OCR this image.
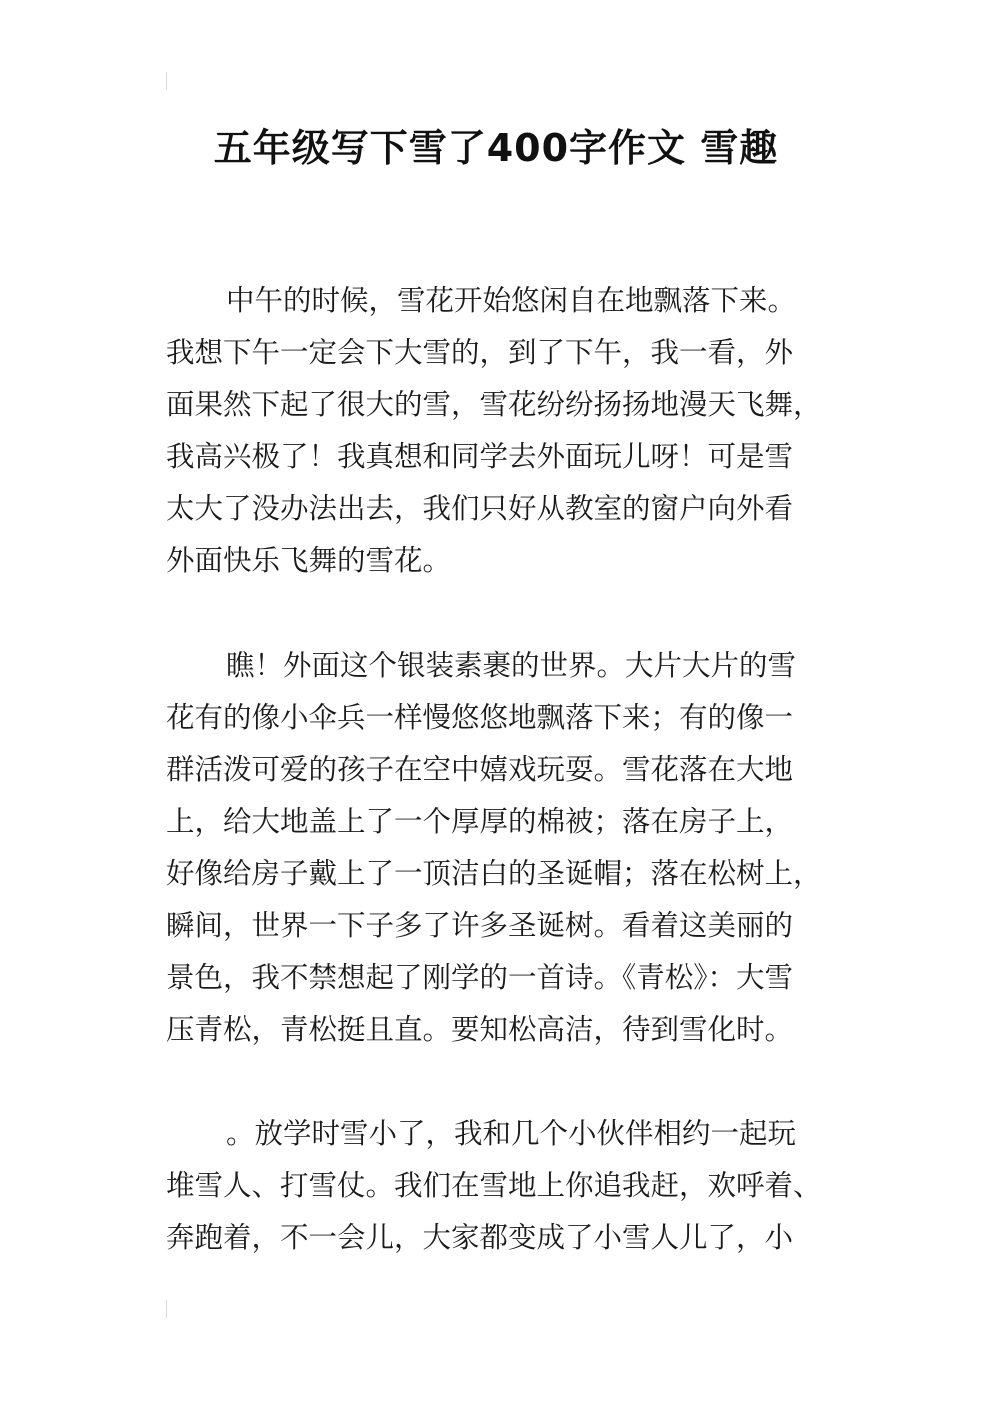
五年级写下雪了400字作文 雪趣
中午的时候，雪花开始悠闲自在地飘落下来。
我想下午一定会下大雪的，到了下午，我一看，外
面果然下起了很大的雪，雪花纷纷扬扬地漫天飞舞，
我高兴极了！我真想和同学去外面玩儿呀！可是雪
太大了没办法出去，我们只好从教室的窗户向外看
外面快乐飞舞的雪花。
瞧！外面这个银装素裹的世界。大片大片的雪
花有的像小伞兵一样慢悠悠地飘落下来；有的像一
群活泼可爱的孩子在空中嬉戏玩耍。雪花落在大地
上，给大地盖上了一个厚厚的棉被；落在房子上，
好像给房子戴上了一顶洁白的圣诞帽；落在松树上，
瞬间，世界一下子多了许多圣诞树。看着这美丽的
景色，我不禁想起了刚学的一首诗。《青松》：大雪
压青松，青松挺且直。要知松高洁，待到雪化时。
。放学时雪小了，我和几个小伙伴相约一起玩
堆雪人、打雪仗。我们在雪地上你追我赶，欢呼着、
奔跑着，不一会儿，大家都变成了小雪人儿了，小
